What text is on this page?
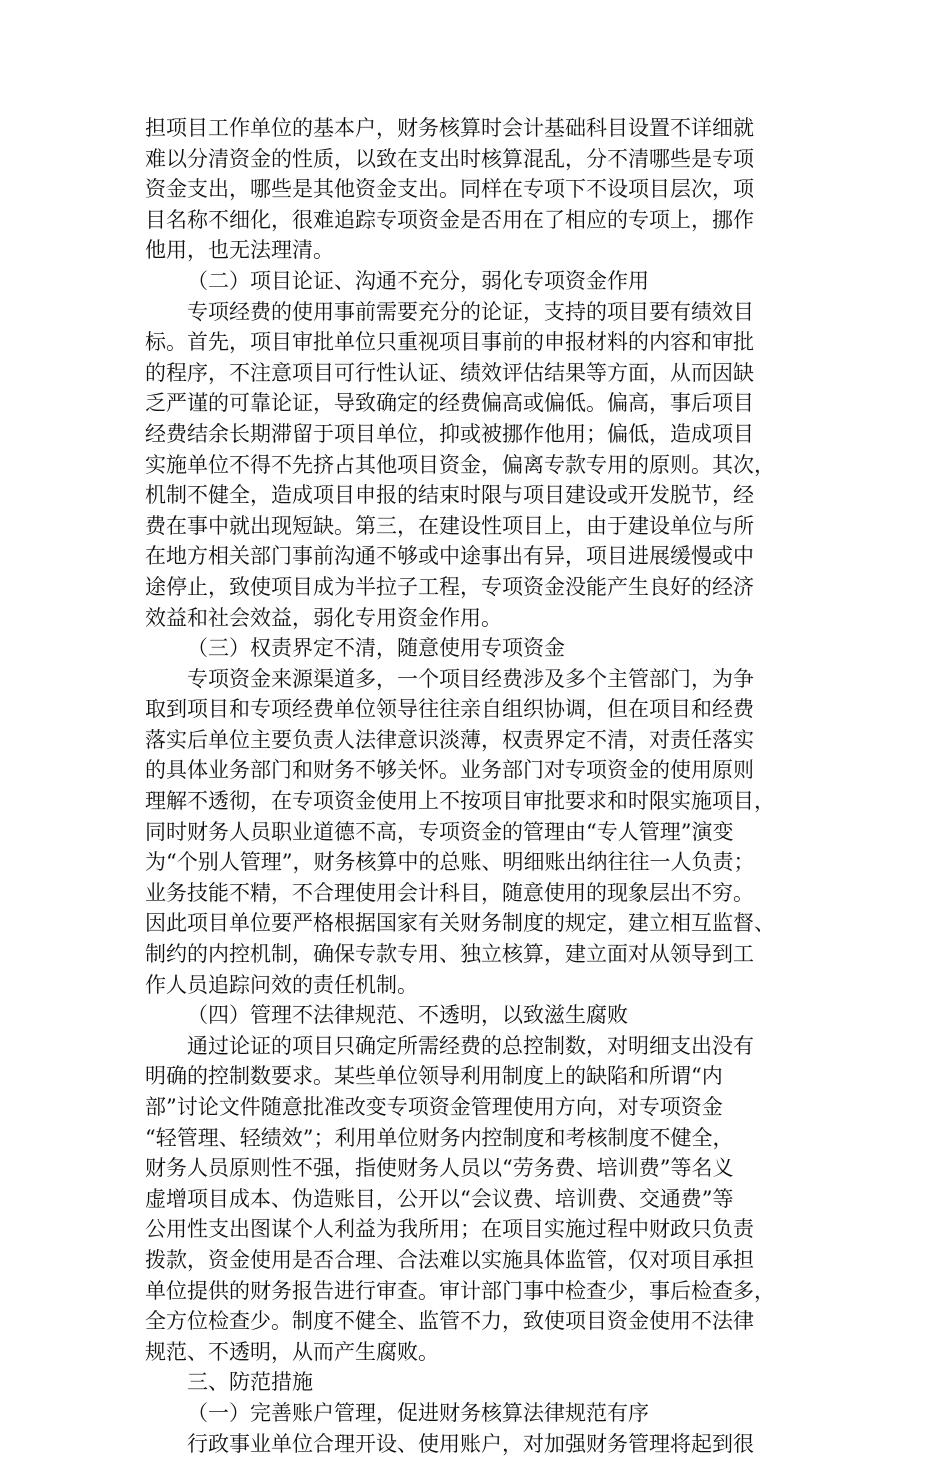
担项目工作单位的基本户，财务核算时会计基础科目设置不详细就
难以分清资金的性质，以致在支出时核算混乱，分不清哪些是专项
资金支出，哪些是其他资金支出。同样在专项下不设项目层次，项
目名称不细化，很难追踪专项资金是否用在了相应的专项上，挪作
他用，也无法理清。
（二）项目论证、沟通不充分，弱化专项资金作用
专项经费的使用事前需要充分的论证，支持的项目要有绩效目
标。首先，项目审批单位只重视项目事前的申报材料的内容和审批
的程序，不注意项目可行性认证、绩效评估结果等方面，从而因缺
乏严谨的可靠论证，导致确定的经费偏高或偏低。偏高，事后项目
经费结余长期滞留于项目单位，抑或被挪作他用；偏低，造成项目
实施单位不得不先挤占其他项目资金，偏离专款专用的原则。其次，
机制不健全，造成项目申报的结束时限与项目建设或开发脱节，经
费在事中就出现短缺。第三，在建设性项目上，由于建设单位与所
在地方相关部门事前沟通不够或中途事出有异，项目进展缓慢或中
途停止，致使项目成为半拉子工程，专项资金没能产生良好的经济
效益和社会效益，弱化专用资金作用。
（三）权责界定不清，随意使用专项资金
专项资金来源渠道多，一个项目经费涉及多个主管部门，为争
取到项目和专项经费单位领导往往亲自组织协调，但在项目和经费
落实后单位主要负责人法律意识淡薄，权责界定不清，对责任落实
的具体业务部门和财务不够关怀。业务部门对专项资金的使用原则
理解不透彻，在专项资金使用上不按项目审批要求和时限实施项目，
同时财务人员职业道德不高，专项资金的管理由“专人管理”演变
为“个别人管理”，财务核算中的总账、明细账出纳往往一人负责；
业务技能不精，不合理使用会计科目，随意使用的现象层出不穷。
因此项目单位要严格根据国家有关财务制度的规定，建立相互监督、
制约的内控机制，确保专款专用、独立核算，建立面对从领导到工
作人员追踪问效的责任机制。
（四）管理不法律规范、不透明，以致滋生腐败
通过论证的项目只确定所需经费的总控制数，对明细支出没有
明确的控制数要求。某些单位领导利用制度上的缺陷和所谓“内
部”讨论文件随意批准改变专项资金管理使用方向，对专项资金
“轻管理、轻绩效”；利用单位财务内控制度和考核制度不健全，
财务人员原则性不强，指使财务人员以“劳务费、培训费”等名义
虚增项目成本、伪造账目，公开以“会议费、培训费、交通费”等
公用性支出图谋个人利益为我所用；在项目实施过程中财政只负责
拨款，资金使用是否合理、合法难以实施具体监管，仅对项目承担
单位提供的财务报告进行审查。审计部门事中检查少，事后检查多，
全方位检查少。制度不健全、监管不力，致使项目资金使用不法律
规范、不透明，从而产生腐败。
三、防范措施
（一）完善账户管理，促进财务核算法律规范有序
行政事业单位合理开设、使用账户，对加强财务管理将起到很
